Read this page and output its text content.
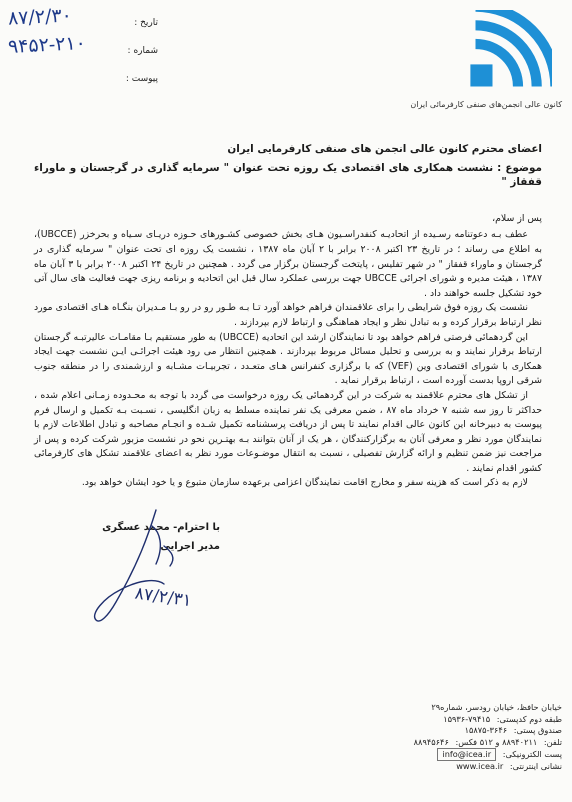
۸۷/۲/۳۰	تاریخ :
۹۴۵۲-۲۱۰	شماره :
پیوست :
کانون عالی انجمن‌های صنفی کارفرمائی ایران

اعضای محترم کانون عالی انجمن های صنفی کارفرمایی ایران

موضوع : نشست همکاری های اقتصادی یک روزه تحت عنوان " سرمایه گذاری در گرجستان و ماوراء قفقاز "

پس از سلام،

عطف بـه دعوتنامه رسـیده از اتحادیـه کنفدراسـیون هـای بخش خصوصی کشـورهای حـوزه دریـای سـیاه و بحرخزر (UBCCE)، به اطلاع می رساند ؛ در تاریخ ۲۳ اکتبر ۲۰۰۸ برابر با ۲ آبان ماه ۱۳۸۷ ، نشست یک روزه ای تحت عنوان " سرمایه گذاری در گرجستان و ماوراء قفقاز " در شهر تفلیس ، پایتخت گرجستان برگزار می گردد . همچنین در تاریخ ۲۴ اکتبر ۲۰۰۸ برابر با ۳ آبان ماه ۱۳۸۷ ، هیئت مدیره و شورای اجرائی UBCCE جهت بررسی عملکرد سال قبل این اتحادیه و برنامه ریزی جهت فعالیت های سال آتی خود تشکیل جلسه خواهند داد .

نشست یک روزه فوق شرایطی را برای علاقمندان فراهم خواهد آورد تـا بـه طـور رو در رو بـا مـدیران بنگـاه هـای اقتصادی مورد نظر ارتباط برقرار کرده و به تبادل نظر و ایجاد هماهنگی و ارتباط لازم بپردازند .

این گردهمائی فرصتی فراهم خواهد بود تا نمایندگان ارشد این اتحادیه (UBCCE) به طور مستقیم بـا مقامـات عالیرتبـه گرجستان ارتباط برقرار نمایند و به بررسی و تحلیل مسائل مربوط بپردازند . همچنین انتظار می رود هیئت اجرائـی ایـن نشست جهت ایجاد همکاری با شورای اقتصادی وین (VEF) که با برگزاری کنفرانس هـای متعـدد ، تجربیـات مشـابه و ارزشمندی را در منطقه جنوب شرقی اروپا بدست آورده است ، ارتباط برقرار نماید .

از تشکل های محترم علاقمند به شرکت در این گردهمائی یک روزه درخواست می گردد با توجه به محـدوده زمـانی اعلام شده ، حداکثر تا روز سه شنبه ۷ خرداد ماه ۸۷ ، ضمن معرفی یک نفر نماینده مسلط به زبان انگلیسی ، نسـبت بـه تکمیل و ارسال فرم پیوست به دبیرخانه این کانون عالی اقدام نمایند تا پس از دریافت پرسشنامه تکمیل شـده و انجـام مصاحبه و تبادل اطلاعات لازم با نمایندگان مورد نظر و معرفی آنان به برگزارکنندگان ، هر یک از آنان بتوانند بـه بهتـرین نحو در نشست مزبور شرکت کرده و پس از مراجعت نیز ضمن تنظیم و ارائه گزارش تفصیلی ، نسبت به انتقال موضـوعات مورد نظر به اعضای علاقمند تشکل های کارفرمائی کشور اقدام نمایند .

لازم به ذکر است که هزینه سفر و مخارج اقامت نمایندگان اعزامی برعهده سازمان متبوع و یا خود ایشان خواهد بود.

با احترام- محمد عسگری
مدیر اجرایی
۸۷/۲/۳۱
خیابان حافظ، خیابان رودسر، شماره۲۹
طبقه دوم کدپستی: ۷۹۴۱۵-۱۵۹۳۶
صندوق پستی: ۳۶۴۶-۱۵۸۷۵
تلفن: ۸۸۹۴۰۲۱۱ و ۵۱۲ فکس: ۸۸۹۴۵۶۴۶
پست الکترونیکی: info@icea.ir
نشانی اینترنتی: www.icea.ir
